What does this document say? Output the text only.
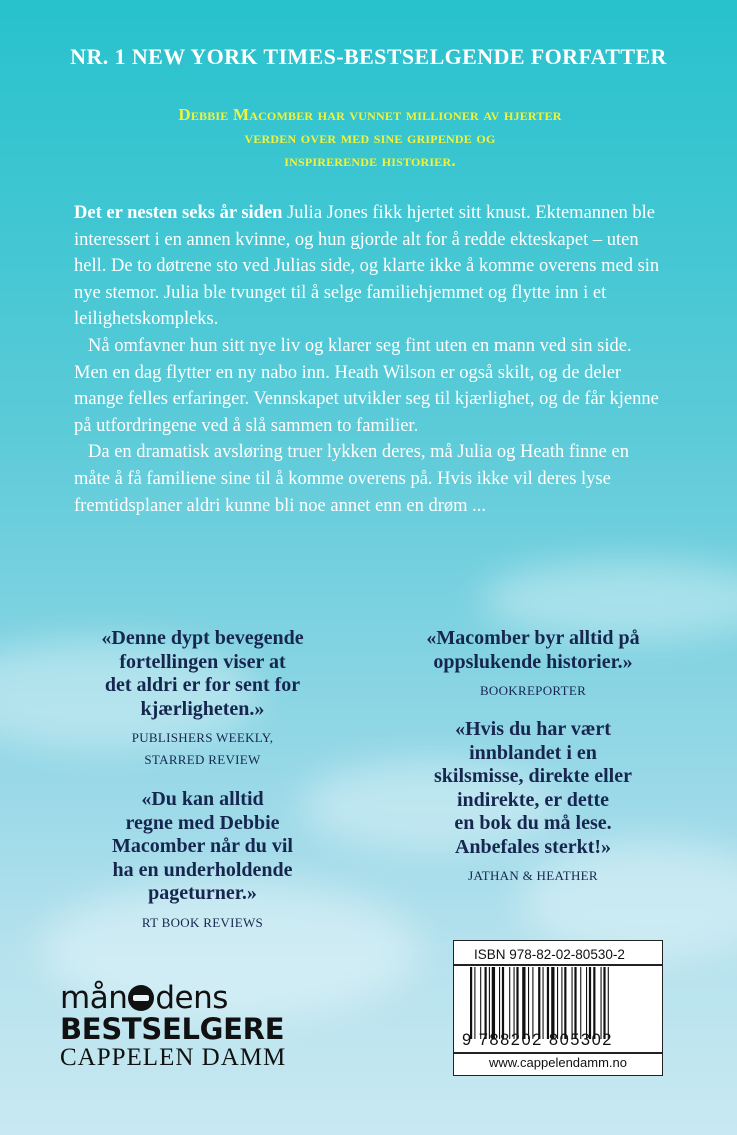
NR. 1 NEW YORK TIMES-BESTSELGENDE FORFATTER
Debbie Macomber har vunnet millioner av hjerter
verden over med sine gripende og
inspirerende historier.

Det er nesten seks år siden Julia Jones fikk hjertet sitt knust. Ektemannen ble interessert i en annen kvinne, og hun gjorde alt for å redde ekteskapet – uten hell. De to døtrene sto ved Julias side, og klarte ikke å komme overens med sin nye stemor. Julia ble tvunget til å selge familiehjemmet og flytte inn i et leilighetskompleks.

Nå omfavner hun sitt nye liv og klarer seg fint uten en mann ved sin side. Men en dag flytter en ny nabo inn. Heath Wilson er også skilt, og de deler mange felles erfaringer. Vennskapet utvikler seg til kjærlighet, og de får kjenne på utfordringene ved å slå sammen to familier.

Da en dramatisk avsløring truer lykken deres, må Julia og Heath finne en måte å få familiene sine til å komme overens på. Hvis ikke vil deres lyse fremtidsplaner aldri kunne bli noe annet enn en drøm ...

«Denne dypt bevegende
fortellingen viser at
det aldri er for sent for
kjærligheten.»
PUBLISHERS WEEKLY,
STARRED REVIEW
«Macomber byr alltid på
oppslukende historier.»
BOOKREPORTER
«Hvis du har vært
innblandet i en
skilsmisse, direkte eller
indirekte, er dette
en bok du må lese.
Anbefales sterkt!»
JATHAN & HEATHER
«Du kan alltid
regne med Debbie
Macomber når du vil
ha en underholdende
pageturner.»
RT BOOK REVIEWS
mån dens
BESTSELGERE
CAPPELEN DAMM
ISBN 978-82-02-80530-2
9 788202 805302
www.cappelendamm.no
